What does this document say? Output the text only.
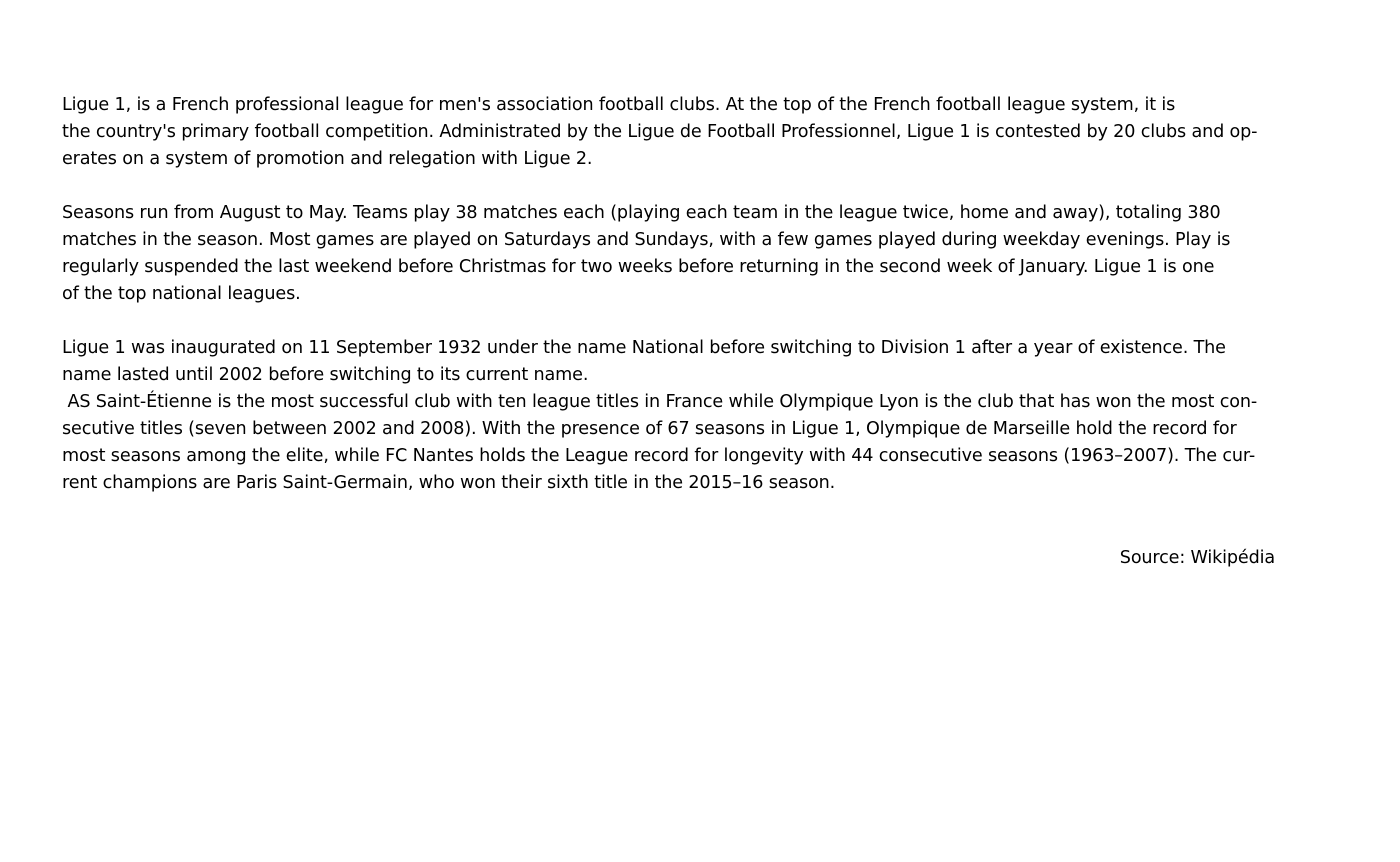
Ligue 1, is a French professional league for men's association football clubs. At the top of the French football league system, it is
the country's primary football competition. Administrated by the Ligue de Football Professionnel, Ligue 1 is contested by 20 clubs and op-
erates on a system of promotion and relegation with Ligue 2.
Seasons run from August to May. Teams play 38 matches each (playing each team in the league twice, home and away), totaling 380
matches in the season. Most games are played on Saturdays and Sundays, with a few games played during weekday evenings. Play is
regularly suspended the last weekend before Christmas for two weeks before returning in the second week of January. Ligue 1 is one
of the top national leagues.
Ligue 1 was inaugurated on 11 September 1932 under the name National before switching to Division 1 after a year of existence. The
name lasted until 2002 before switching to its current name.
AS Saint-Étienne is the most successful club with ten league titles in France while Olympique Lyon is the club that has won the most con-
secutive titles (seven between 2002 and 2008). With the presence of 67 seasons in Ligue 1, Olympique de Marseille hold the record for
most seasons among the elite, while FC Nantes holds the League record for longevity with 44 consecutive seasons (1963–2007). The cur-
rent champions are Paris Saint-Germain, who won their sixth title in the 2015–16 season.
Source: Wikipédia
